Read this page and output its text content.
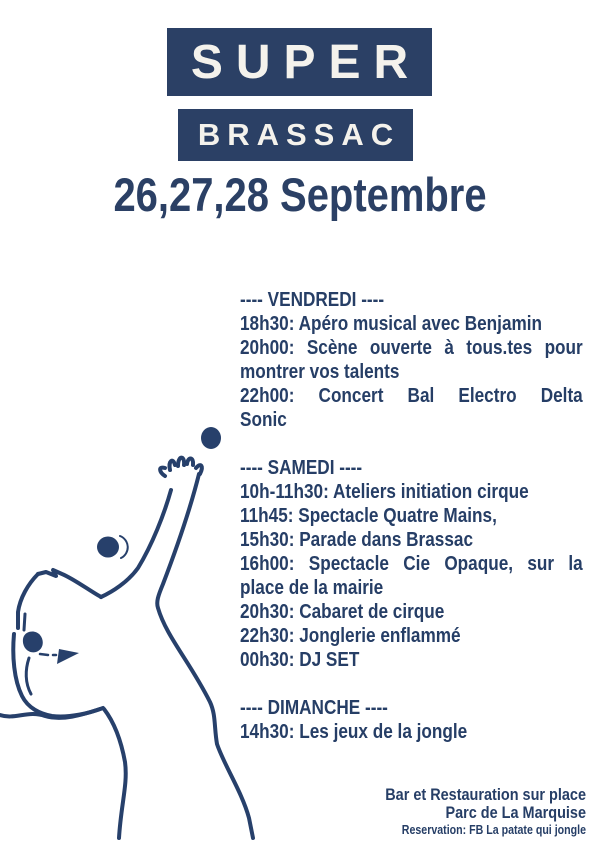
SUPER
BRASSAC
26,27,28 Septembre
---- VENDREDI ----
18h30: Apéro musical avec Benjamin
20h00: Scène ouverte à tous.tes pour
montrer vos talents
22h00: Concert Bal Electro Delta
Sonic
---- SAMEDI ----
10h-11h30: Ateliers initiation cirque
11h45: Spectacle Quatre Mains,
15h30: Parade dans Brassac
16h00: Spectacle Cie Opaque, sur la
place de la mairie
20h30: Cabaret de cirque
22h30: Jonglerie enflammé
00h30: DJ SET
---- DIMANCHE ----
14h30: Les jeux de la jongle
Bar et Restauration sur place
Parc de La Marquise
Reservation: FB La patate qui jongle
